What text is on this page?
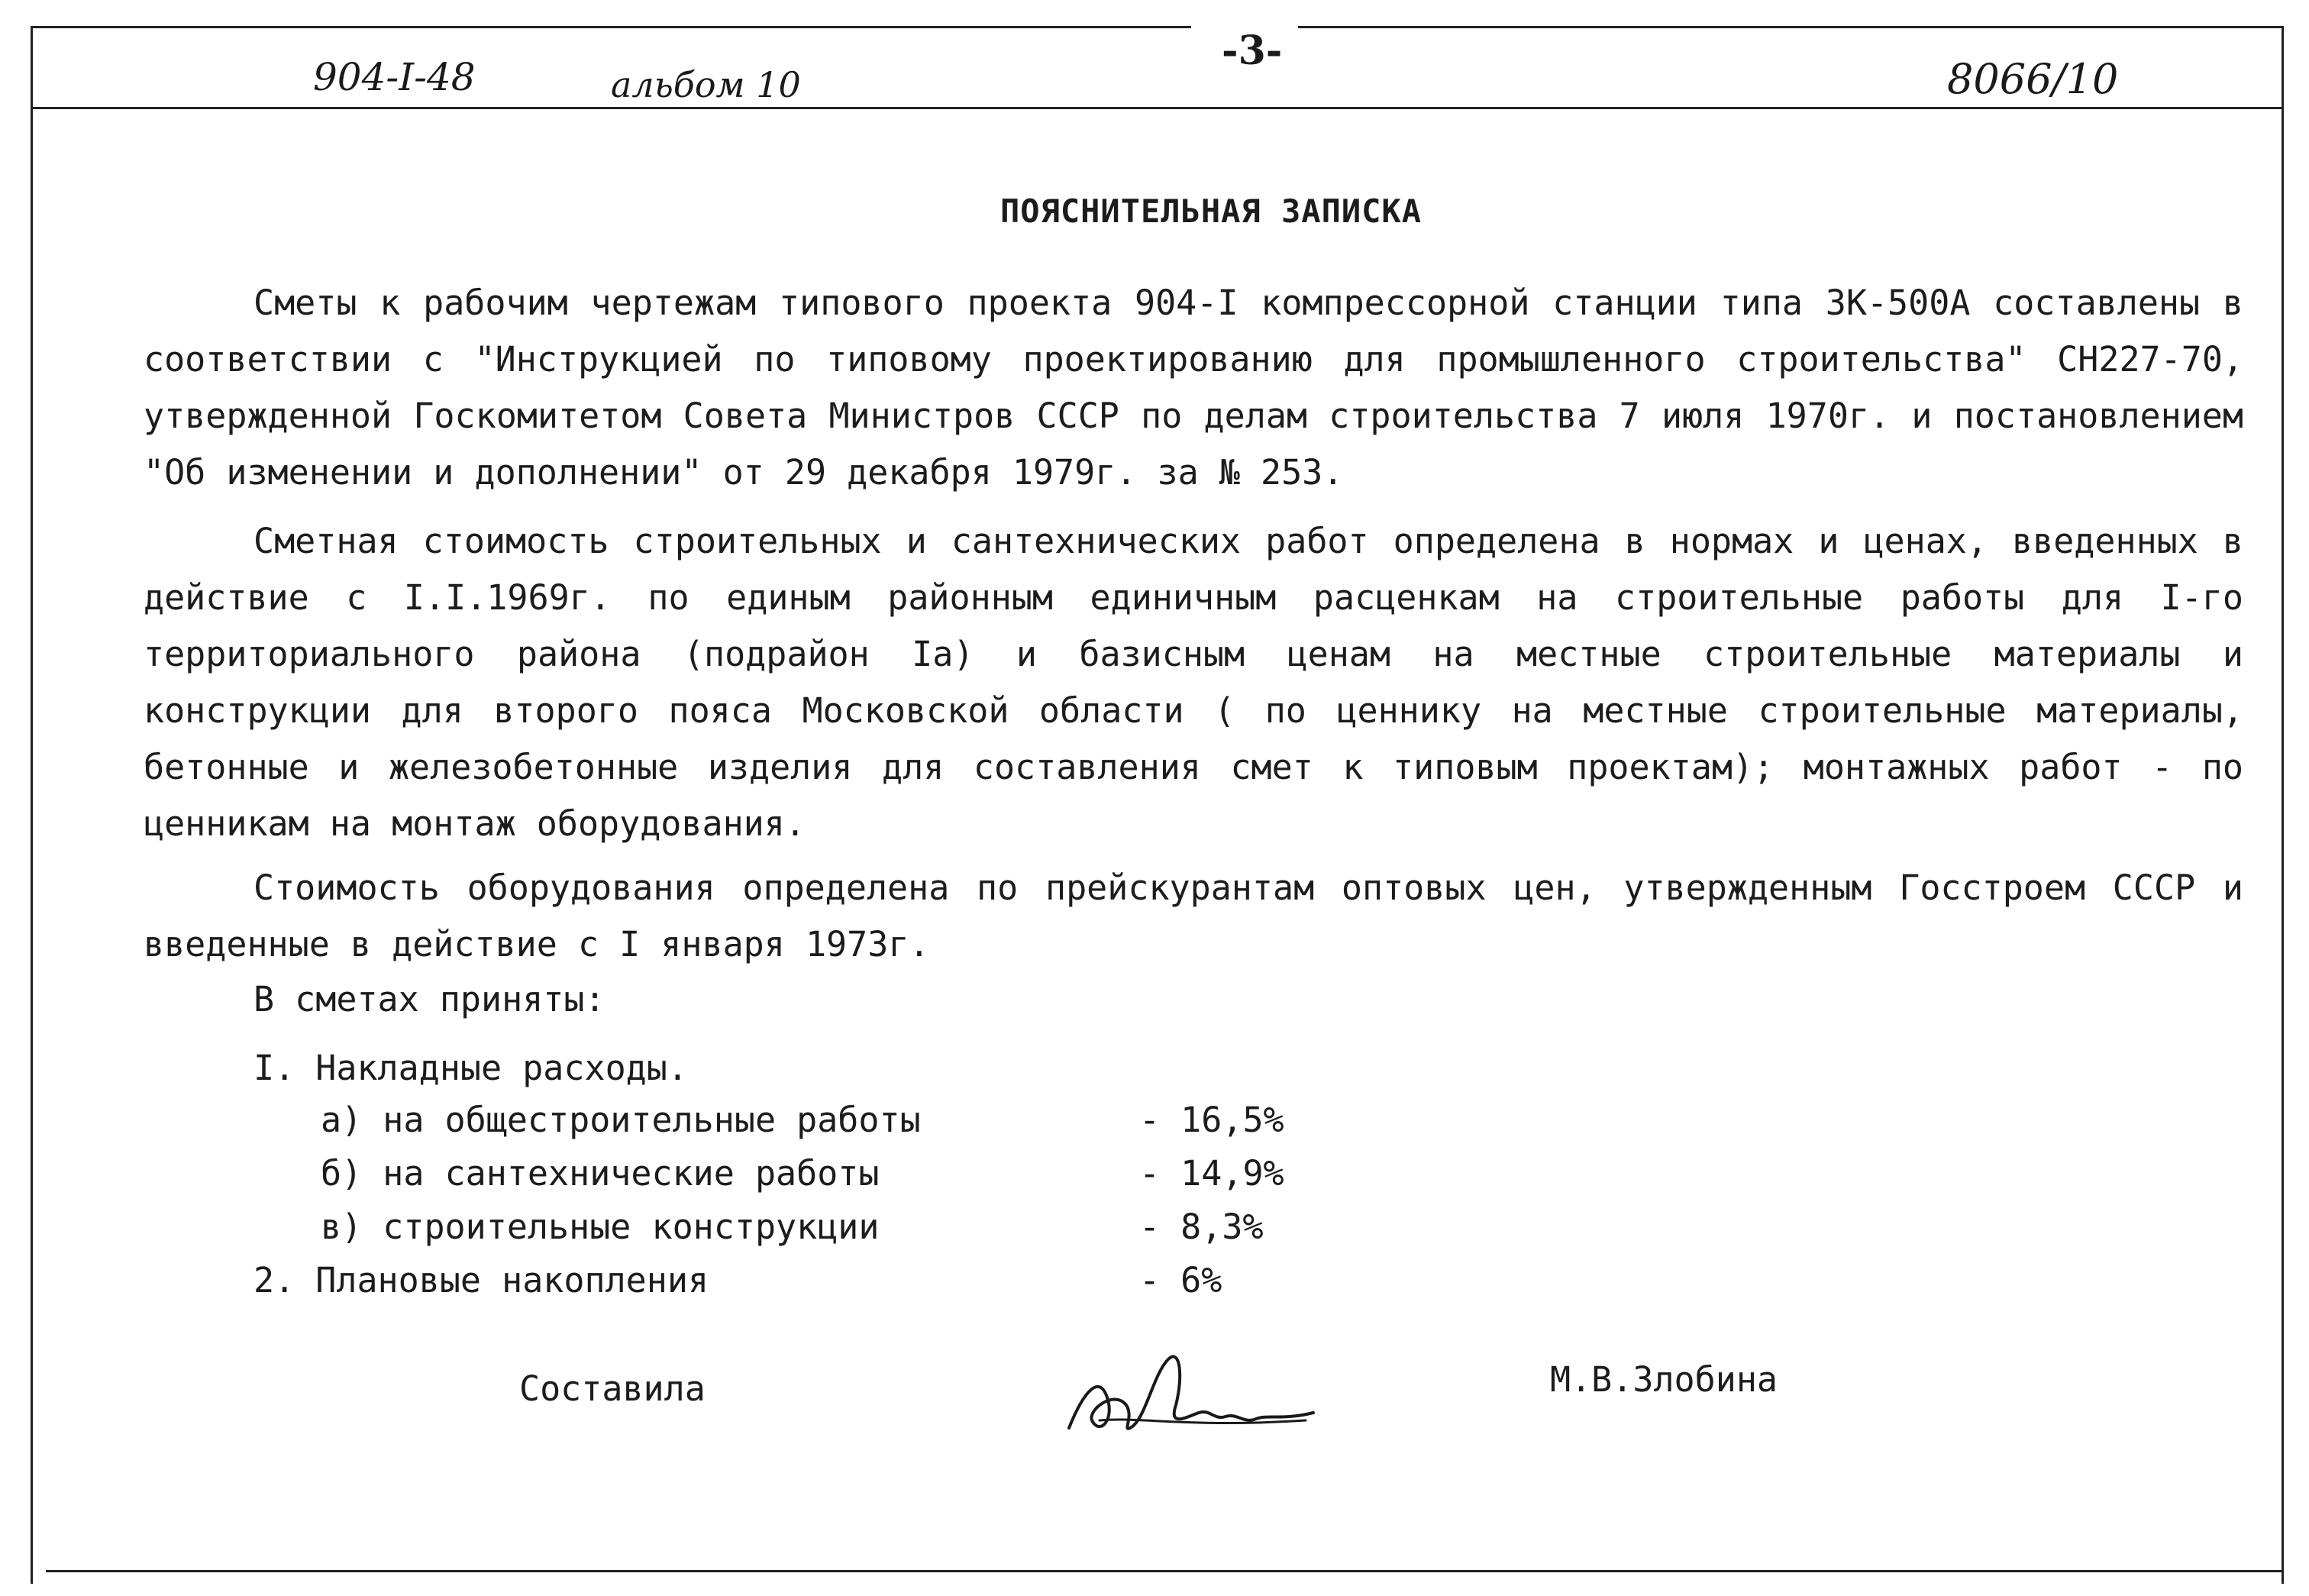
904-I-48	альбом 10
-3-
8066/10
ПОЯСНИТЕЛЬНАЯ ЗАПИСКА

Сметы к рабочим чертежам типового проекта 904-I компрессорной станции типа 3К-500А составлены в соответствии с "Инструкцией по типовому проектированию для промышленного строительства" СН227-70, утвержденной Госкомитетом Совета Министров СССР по делам строительства 7 июля 1970г. и постановлением "Об изменении и дополнении" от 29 декабря 1979г. за № 253.

Сметная стоимость строительных и сантехнических работ определена в нормах и ценах, введенных в действие с I.I.1969г. по единым районным единичным расценкам на строительные работы для I-го территориального района (подрайон Iа) и базисным ценам на местные строительные материалы и конструкции для второго пояса Московской области ( по ценнику на местные строительные материалы, бетонные и железобетонные изделия для составления смет к типовым проектам); монтажных работ - по ценникам на монтаж оборудования.

Стоимость оборудования определена по прейскурантам оптовых цен, утвержденным Госстроем СССР и введенные в действие с I января 1973г.

В сметах приняты:
I. Накладные расходы.
а) на общестроительные работы	- 16,5%
б) на сантехнические работы	- 14,9%
в) строительные конструкции	- 8,3%
2. Плановые накопления	- 6%
Составила	М.В.Злобина
